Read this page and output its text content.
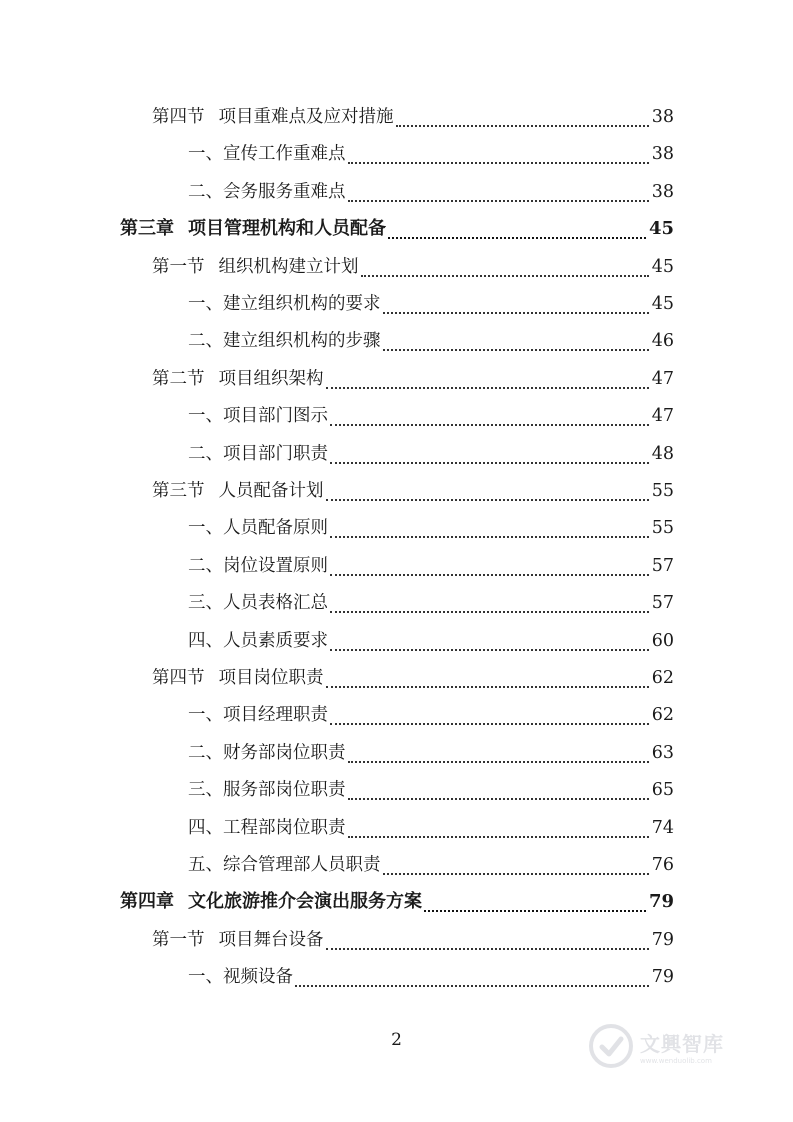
第四节 项目重难点及应对措施	38
一、 宣传工作重难点	38
二、 会务服务重难点	38
第三章 项目管理机构和人员配备	45
第一节 组织机构建立计划	45
一、 建立组织机构的要求	45
二、 建立组织机构的步骤	46
第二节 项目组织架构	47
一、 项目部门图示	47
二、 项目部门职责	48
第三节 人员配备计划	55
一、 人员配备原则	55
二、 岗位设置原则	57
三、 人员表格汇总	57
四、 人员素质要求	60
第四节 项目岗位职责	62
一、 项目经理职责	62
二、 财务部岗位职责	63
三、 服务部岗位职责	65
四、 工程部岗位职责	74
五、 综合管理部人员职责	76
第四章 文化旅游推介会演出服务方案	79
第一节 项目舞台设备	79
一、 视频设备	79
2	文興智库
www.wenduolib.com
